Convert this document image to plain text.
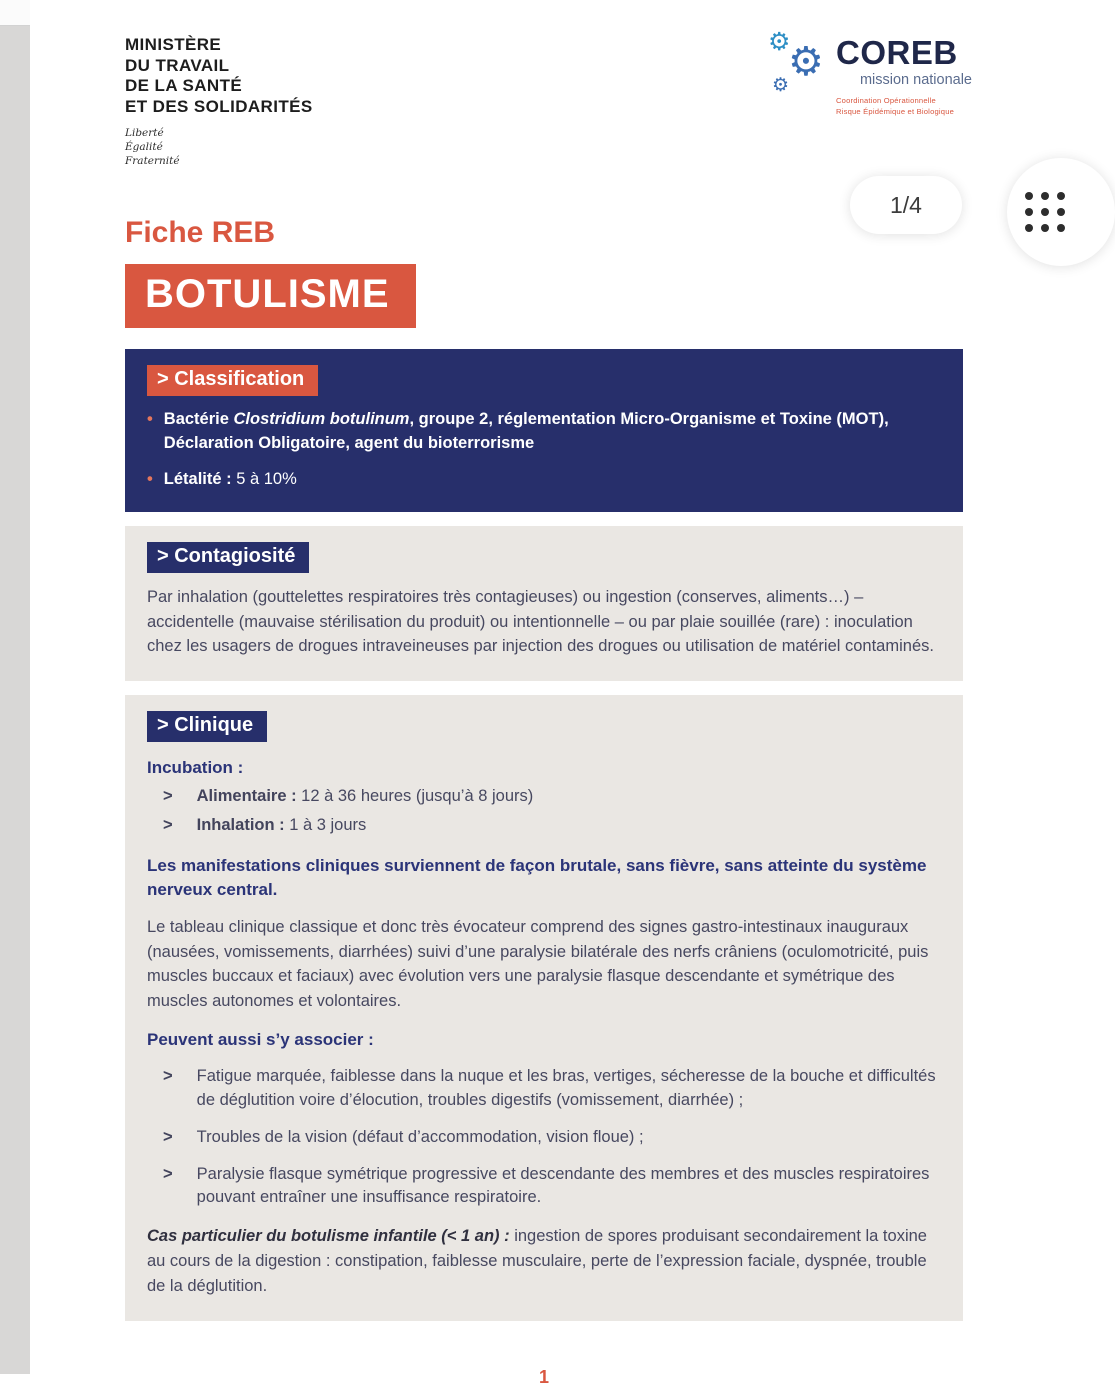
MINISTÈRE
DU TRAVAIL
DE LA SANTÉ
ET DES SOLIDARITÉS
Liberté
Égalité
Fraternité
⚙
⚙
⚙
COREB
mission nationale
Coordination Opérationnelle
Risque Épidémique et Biologique
1/4
Fiche REB
BOTULISME
> Classification
• Bactérie Clostridium botulinum, groupe 2, réglementation Micro-Organisme et Toxine (MOT), Déclaration Obligatoire, agent du bioterrorisme
• Létalité : 5 à 10%
> Contagiosité

Par inhalation (gouttelettes respiratoires très contagieuses) ou ingestion (conserves, aliments…) – accidentelle (mauvaise stérilisation du produit) ou intentionnelle – ou par plaie souillée (rare) : inoculation chez les usagers de drogues intraveineuses par injection des drogues ou utilisation de matériel contaminés.

> Clinique
Incubation :
> Alimentaire : 12 à 36 heures (jusqu’à 8 jours)
> Inhalation : 1 à 3 jours
Les manifestations cliniques surviennent de façon brutale, sans fièvre, sans atteinte du système nerveux central.

Le tableau clinique classique et donc très évocateur comprend des signes gastro-intestinaux inauguraux (nausées, vomissements, diarrhées) suivi d’une paralysie bilatérale des nerfs crâniens (oculomotricité, puis muscles buccaux et faciaux) avec évolution vers une paralysie flasque descendante et symétrique des muscles autonomes et volontaires.

Peuvent aussi s’y associer :
> Fatigue marquée, faiblesse dans la nuque et les bras, vertiges, sécheresse de la bouche et difficultés de déglutition voire d’élocution, troubles digestifs (vomissement, diarrhée) ;
> Troubles de la vision (défaut d’accommodation, vision floue) ;
> Paralysie flasque symétrique progressive et descendante des membres et des muscles respiratoires pouvant entraîner une insuffisance respiratoire.

Cas particulier du botulisme infantile (< 1 an) : ingestion de spores produisant secondairement la toxine au cours de la digestion : constipation, faiblesse musculaire, perte de l’expression faciale, dyspnée, trouble de la déglutition.

1
